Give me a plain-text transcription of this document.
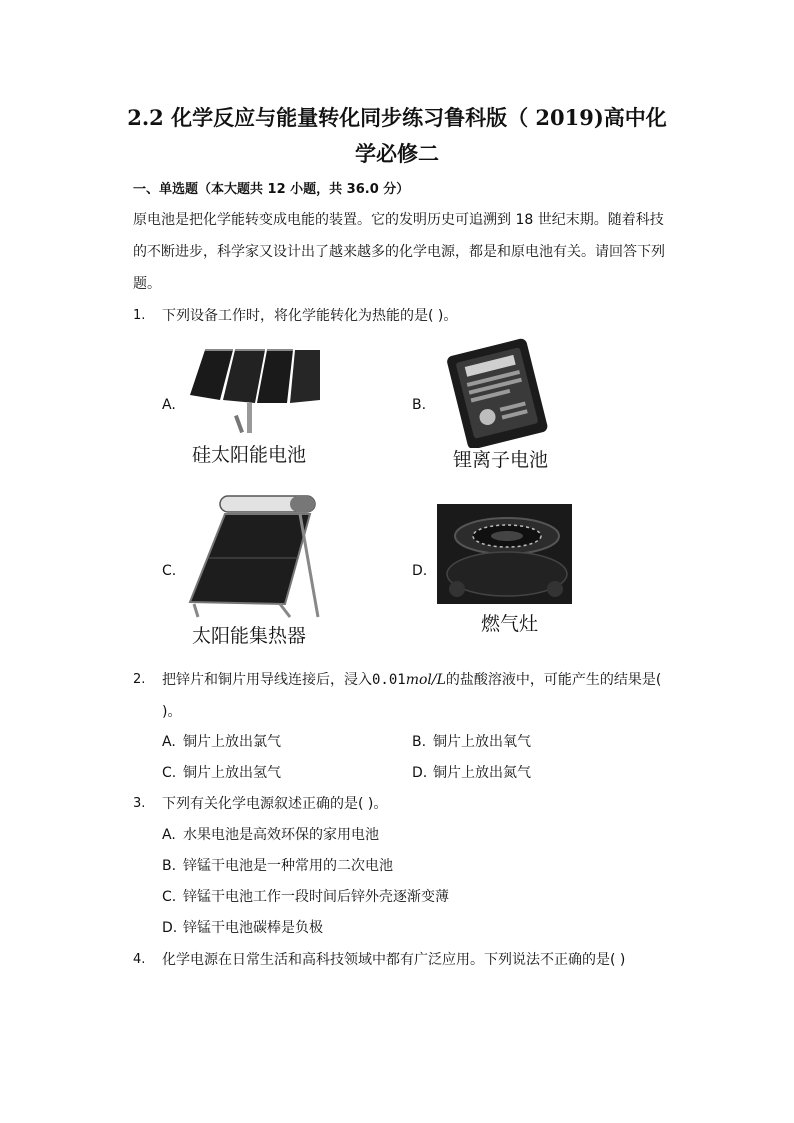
2.2 化学反应与能量转化同步练习鲁科版（ 2019)高中化
学必修二
一、单选题（本大题共 12 小题，共 36.0 分）
原电池是把化学能转变成电能的装置。它的发明历史可追溯到 18 世纪末期。随着科技
的不断进步，科学家又设计出了越来越多的化学电源，都是和原电池有关。请回答下列
题。
1. 下列设备工作时，将化学能转化为热能的是( )。
A.
硅太阳能电池
B.
锂离子电池
C.
太阳能集热器
D.
燃气灶
2. 把锌片和铜片用导线连接后，浸入0.01mol/L的盐酸溶液中，可能产生的结果是(
)。
A. 铜片上放出氯气	B. 铜片上放出氧气
C. 铜片上放出氢气	D. 铜片上放出氮气
3. 下列有关化学电源叙述正确的是( )。
A. 水果电池是高效环保的家用电池
B. 锌锰干电池是一种常用的二次电池
C. 锌锰干电池工作一段时间后锌外壳逐渐变薄
D. 锌锰干电池碳棒是负极
4. 化学电源在日常生活和高科技领域中都有广泛应用。下列说法不正确的是( )
